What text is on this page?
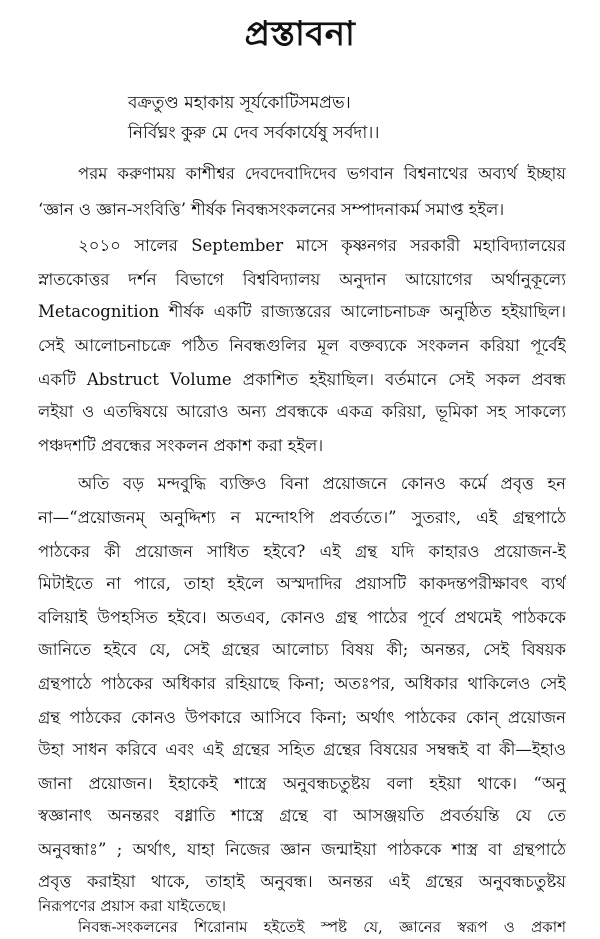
প্রস্তাবনা
বক্রতুণ্ড মহাকায় সূর্যকোটিসমপ্রভ।
নির্বিঘ্নং কুরু মে দেব সর্বকার্যেষু সর্বদা।।
পরম করুণাময় কাশীশ্বর দেবদেবাদিদেব ভগবান বিশ্বনাথের অব্যর্থ ইচ্ছায়
‘জ্ঞান ও জ্ঞান-সংবিত্তি’ শীর্ষক নিবন্ধসংকলনের সম্পাদনাকর্ম সমাপ্ত হইল।
২০১০ সালের September মাসে কৃষ্ণনগর সরকারী মহাবিদ্যালয়ের
স্নাতকোত্তর দর্শন বিভাগে বিশ্ববিদ্যালয় অনুদান আয়োগের অর্থানুকূল্যে
Metacognition শীর্ষক একটি রাজ্যস্তরের আলোচনাচক্র অনুষ্ঠিত হইয়াছিল।
সেই আলোচনাচক্রে পঠিত নিবন্ধগুলির মূল বক্তব্যকে সংকলন করিয়া পূর্বেই
একটি Abstruct Volume প্রকাশিত হইয়াছিল। বর্তমানে সেই সকল প্রবন্ধ
লইয়া ও এতদ্বিষয়ে আরোও অন্য প্রবন্ধকে একত্র করিয়া, ভূমিকা সহ সাকল্যে
পঞ্চদশটি প্রবন্ধের সংকলন প্রকাশ করা হইল।
অতি বড় মন্দবুদ্ধি ব্যক্তিও বিনা প্রয়োজনে কোনও কর্মে প্রবৃত্ত হন
না—“প্রয়োজনম্ অনুদ্দিশ্য ন মন্দোঽপি প্রবর্ততে।” সুতরাং, এই গ্রন্থপাঠে
পাঠকের কী প্রয়োজন সাধিত হইবে? এই গ্রন্থ যদি কাহারও প্রয়োজন-ই
মিটাইতে না পারে, তাহা হইলে অস্মদাদির প্রয়াসটি কাকদন্তপরীক্ষাবৎ ব্যর্থ
বলিয়াই উপহসিত হইবে। অতএব, কোনও গ্রন্থ পাঠের পূর্বে প্রথমেই পাঠককে
জানিতে হইবে যে, সেই গ্রন্থের আলোচ্য বিষয় কী; অনন্তর, সেই বিষয়ক
গ্রন্থপাঠে পাঠকের অধিকার রহিয়াছে কিনা; অতঃপর, অধিকার থাকিলেও সেই
গ্রন্থ পাঠকের কোনও উপকারে আসিবে কিনা; অর্থাৎ পাঠকের কোন্ প্রয়োজন
উহা সাধন করিবে এবং এই গ্রন্থের সহিত গ্রন্থের বিষয়ের সম্বন্ধই বা কী—ইহাও
জানা প্রয়োজন। ইহাকেই শাস্ত্রে অনুবন্ধচতুষ্টয় বলা হইয়া থাকে। “অনু
স্বজ্ঞানাৎ অনন্তরং বধ্নাতি শাস্ত্রে গ্রন্থে বা আসঞ্জয়তি প্রবর্তয়ন্তি যে তে
অনুবন্ধাঃ” ; অর্থাৎ, যাহা নিজের জ্ঞান জন্মাইয়া পাঠককে শাস্ত্র বা গ্রন্থপাঠে
প্রবৃত্ত করাইয়া থাকে, তাহাই অনুবন্ধ। অনন্তর এই গ্রন্থের অনুবন্ধচতুষ্টয়
নিরূপণের প্রয়াস করা যাইতেছে।
নিবন্ধ-সংকলনের শিরোনাম হইতেই স্পষ্ট যে, জ্ঞানের স্বরূপ ও প্রকাশ
